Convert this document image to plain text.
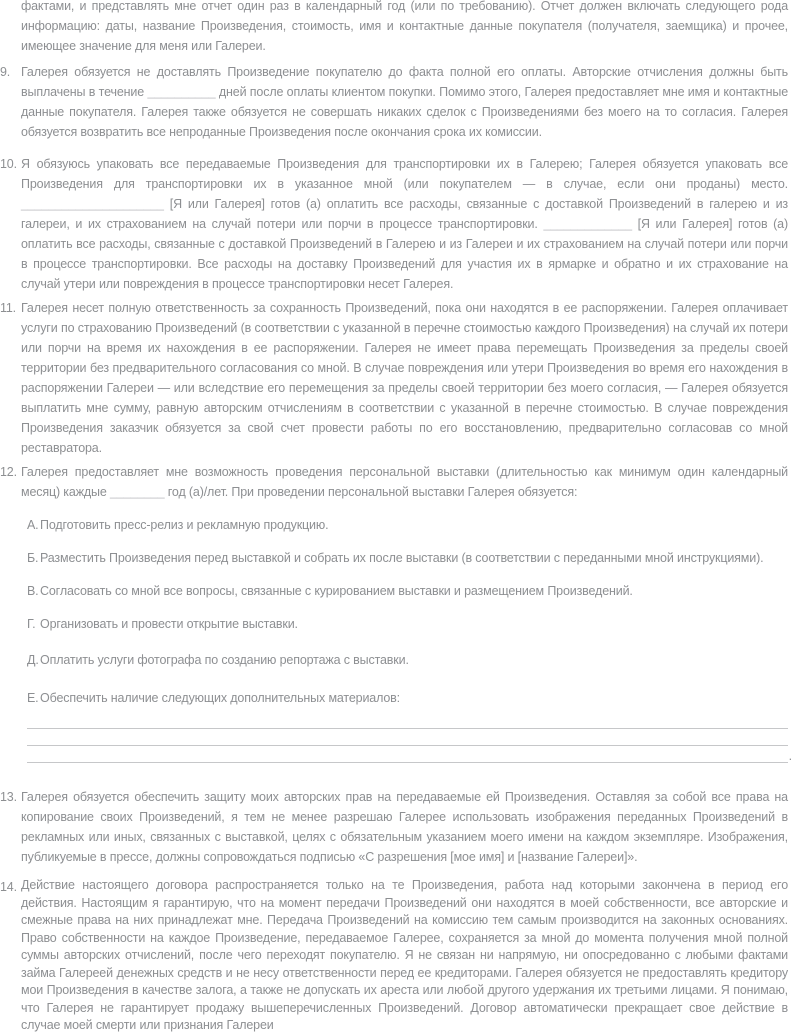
фактами, и представлять мне отчет один раз в календарный год (или по требованию). Отчет должен включать следующего рода информацию: даты, название Произведения, стоимость, имя и контактные данные покупателя (получателя, заемщика) и прочее, имеющее значение для меня или Галереи.

9. Галерея обязуется не доставлять Произведение покупателю до факта полной его оплаты. Авторские отчисления должны быть выплачены в течение __________ дней после оплаты клиентом покупки. Помимо этого, Галерея предоставляет мне имя и контактные данные покупателя. Галерея также обязуется не совершать никаких сделок с Произведениями без моего на то согласия. Галерея обязуется возвратить все непроданные Произведения после окончания срока их комиссии.

10. Я обязуюсь упаковать все передаваемые Произведения для транспортировки их в Галерею; Галерея обязуется упаковать все Произведения для транспортировки их в указанное мной (или покупателем — в случае, если они проданы) место. _____________________ [Я или Галерея] готов (а) оплатить все расходы, связанные с доставкой Произведений в галерею и из галереи, и их страхованием на случай потери или порчи в процессе транспортировки. _____________ [Я или Галерея] готов (а) оплатить все расходы, связанные с доставкой Произведений в Галерею и из Галереи и их страхованием на случай потери или порчи в процессе транспортировки. Все расходы на доставку Произведений для участия их в ярмарке и обратно и их страхование на случай утери или повреждения в процессе транспортировки несет Галерея.

11. Галерея несет полную ответственность за сохранность Произведений, пока они находятся в ее распоряжении. Галерея оплачивает услуги по страхованию Произведений (в соответствии с указанной в перечне стоимостью каждого Произведения) на случай их потери или порчи на время их нахождения в ее распоряжении. Галерея не имеет права перемещать Произведения за пределы своей территории без предварительного согласования со мной. В случае повреждения или утери Произведения во время его нахождения в распоряжении Галереи — или вследствие его перемещения за пределы своей территории без моего согласия, — Галерея обязуется выплатить мне сумму, равную авторским отчислениям в соответствии с указанной в перечне стоимостью. В случае повреждения Произведения заказчик обязуется за свой счет провести работы по его восстановлению, предварительно согласовав со мной реставратора.

12. Галерея предоставляет мне возможность проведения персональной выставки (длительностью как минимум один календарный месяц) каждые ________ год (а)/лет. При проведении персональной выставки Галерея обязуется:

А. Подготовить пресс-релиз и рекламную продукцию.

Б. Разместить Произведения перед выставкой и собрать их после выставки (в соответствии с переданными мной инструкциями).

В. Согласовать со мной все вопросы, связанные с курированием выставки и размещением Произведений.

Г. Организовать и провести открытие выставки.

Д. Оплатить услуги фотографа по созданию репортажа с выставки.

Е. Обеспечить наличие следующих дополнительных материалов:

.
13. Галерея обязуется обеспечить защиту моих авторских прав на передаваемые ей Произведения. Оставляя за собой все права на копирование своих Произведений, я тем не менее разрешаю Галерее использовать изображения переданных Произведений в рекламных или иных, связанных с выставкой, целях с обязательным указанием моего имени на каждом экземпляре. Изображения, публикуемые в прессе, должны сопровождаться подписью «С разрешения [мое имя] и [название Галереи]».

14. Действие настоящего договора распространяется только на те Произведения, работа над которыми закончена в период его действия. Настоящим я гарантирую, что на момент передачи Произведений они находятся в моей собственности, все авторские и смежные права на них принадлежат мне. Передача Произведений на комиссию тем самым производится на законных основаниях. Право собственности на каждое Произведение, передаваемое Галерее, сохраняется за мной до момента получения мной полной суммы авторских отчислений, после чего переходят покупателю. Я не связан ни напрямую, ни опосредованно с любыми фактами займа Галереей денежных средств и не несу ответственности перед ее кредиторами. Галерея обязуется не предоставлять кредитору мои Произведения в качестве залога, а также не допускать их ареста или любой другого удержания их третьими лицами. Я понимаю, что Галерея не гарантирует продажу вышеперечисленных Произведений. Договор автоматически прекращает свое действие в случае моей смерти или признания Галереи
